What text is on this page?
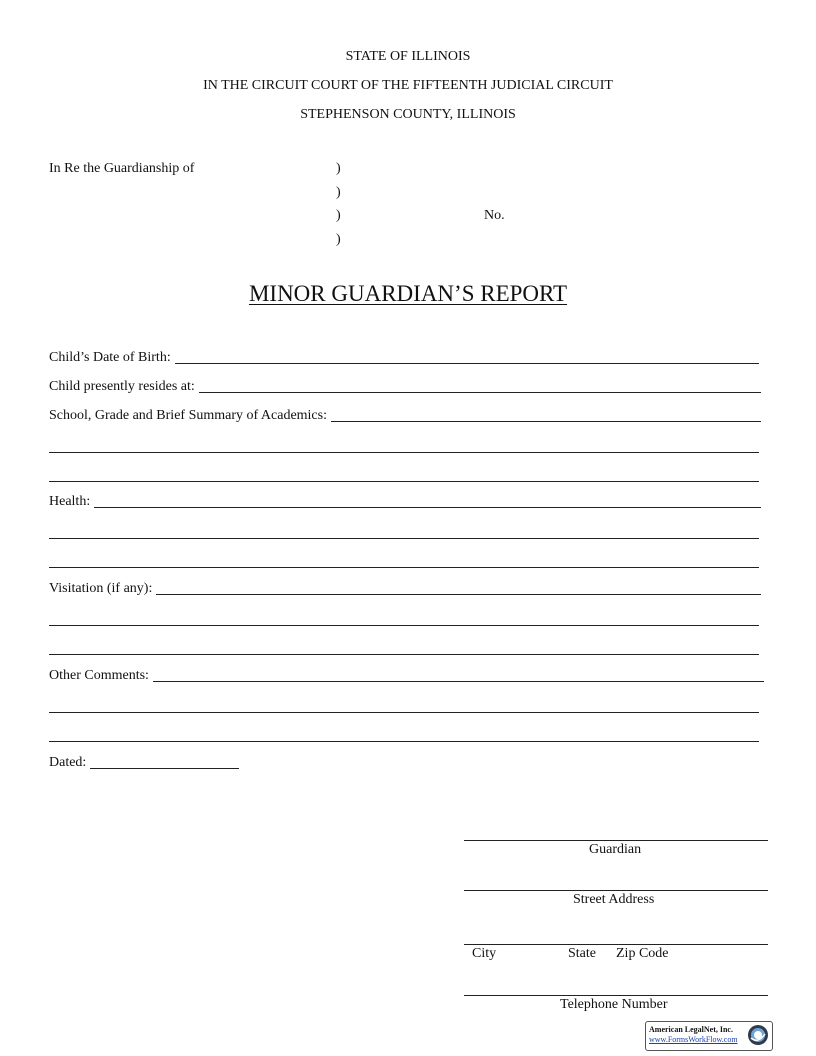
STATE OF ILLINOIS
IN THE CIRCUIT COURT OF THE FIFTEENTH JUDICIAL CIRCUIT
STEPHENSON COUNTY, ILLINOIS
In Re the Guardianship of	)
)
)
)
No.
MINOR GUARDIAN’S REPORT
Child’s Date of Birth:
Child presently resides at:
School, Grade and Brief Summary of Academics:
Health:
Visitation (if any):
Other Comments:
Dated:
Guardian
Street Address
City	State Zip Code
Telephone Number
American LegalNet, Inc.
www.FormsWorkFlow.com
